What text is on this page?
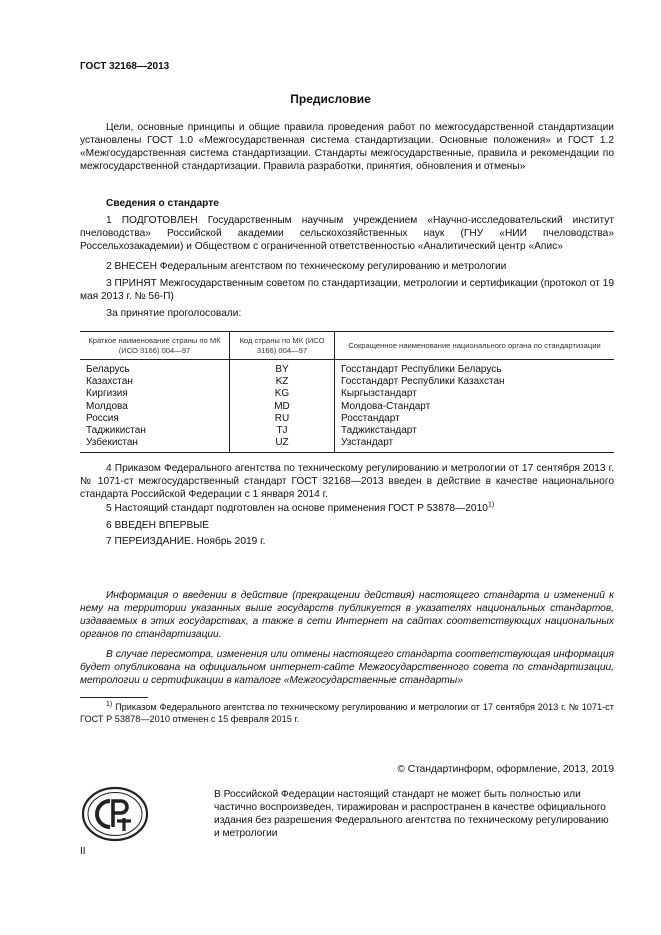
ГОСТ 32168—2013
Предисловие
Цели, основные принципы и общие правила проведения работ по межгосударственной стандартизации установлены ГОСТ 1.0 «Межгосударственная система стандартизации. Основные положения» и ГОСТ 1.2 «Межгосударственная система стандартизации. Стандарты межгосударственные, правила и рекомендации по межгосударственной стандартизации. Правила разработки, принятия, обновления и отмены»
Сведения о стандарте
1 ПОДГОТОВЛЕН Государственным научным учреждением «Научно-исследовательский институт пчеловодства» Российской академии сельскохозяйственных наук (ГНУ «НИИ пчеловодства» Россельхозакадемии) и Обществом с ограниченной ответственностью «Аналитический центр «Апис»
2 ВНЕСЕН Федеральным агентством по техническому регулированию и метрологии
3 ПРИНЯТ Межгосударственным советом по стандартизации, метрологии и сертификации (протокол от 19 мая 2013 г. № 56-П)
За принятие проголосовали:
Краткое наименование страны по МК (ИСО 3166) 004—97	Код страны по МК (ИСО 3166) 004—97	Сокращенное наименование национального органа по стандартизации
Беларусь	BY	Госстандарт Республики Беларусь
Казахстан	KZ	Госстандарт Республики Казахстан
Киргизия	KG	Кыргызстандарт
Молдова	MD	Молдова-Стандарт
Россия	RU	Росстандарт
Таджикистан	TJ	Таджикстандарт
Узбекистан	UZ	Узстандарт
4 Приказом Федерального агентства по техническому регулированию и метрологии от 17 сентября 2013 г. № 1071-ст межгосударственный стандарт ГОСТ 32168—2013 введен в действие в качестве национального стандарта Российской Федерации с 1 января 2014 г.
5 Настоящий стандарт подготовлен на основе применения ГОСТ Р 53878—2010$^{1)}$
6 ВВЕДЕН ВПЕРВЫЕ
7 ПЕРЕИЗДАНИЕ. Ноябрь 2019 г.
Информация о введении в действие (прекращении действия) настоящего стандарта и изменений к нему на территории указанных выше государств публикуется в указателях национальных стандартов, издаваемых в этих государствах, а также в сети Интернет на сайтах соответствующих национальных органов по стандартизации.
В случае пересмотра, изменения или отмены настоящего стандарта соответствующая информация будет опубликована на официальном интернет-сайте Межгосударственного совета по стандартизации, метрологии и сертификации в каталоге «Межгосударственные стандарты»
$^{1)}$ Приказом Федерального агентства по техническому регулированию и метрологии от 17 сентября 2013 г. № 1071-ст ГОСТ Р 53878—2010 отменен с 15 февраля 2015 г.
© Стандартинформ, оформление, 2013, 2019
В Российской Федерации настоящий стандарт не может быть полностью или частично воспроизведен, тиражирован и распространен в качестве официального издания без разрешения Федерального агентства по техническому регулированию и метрологии
II
